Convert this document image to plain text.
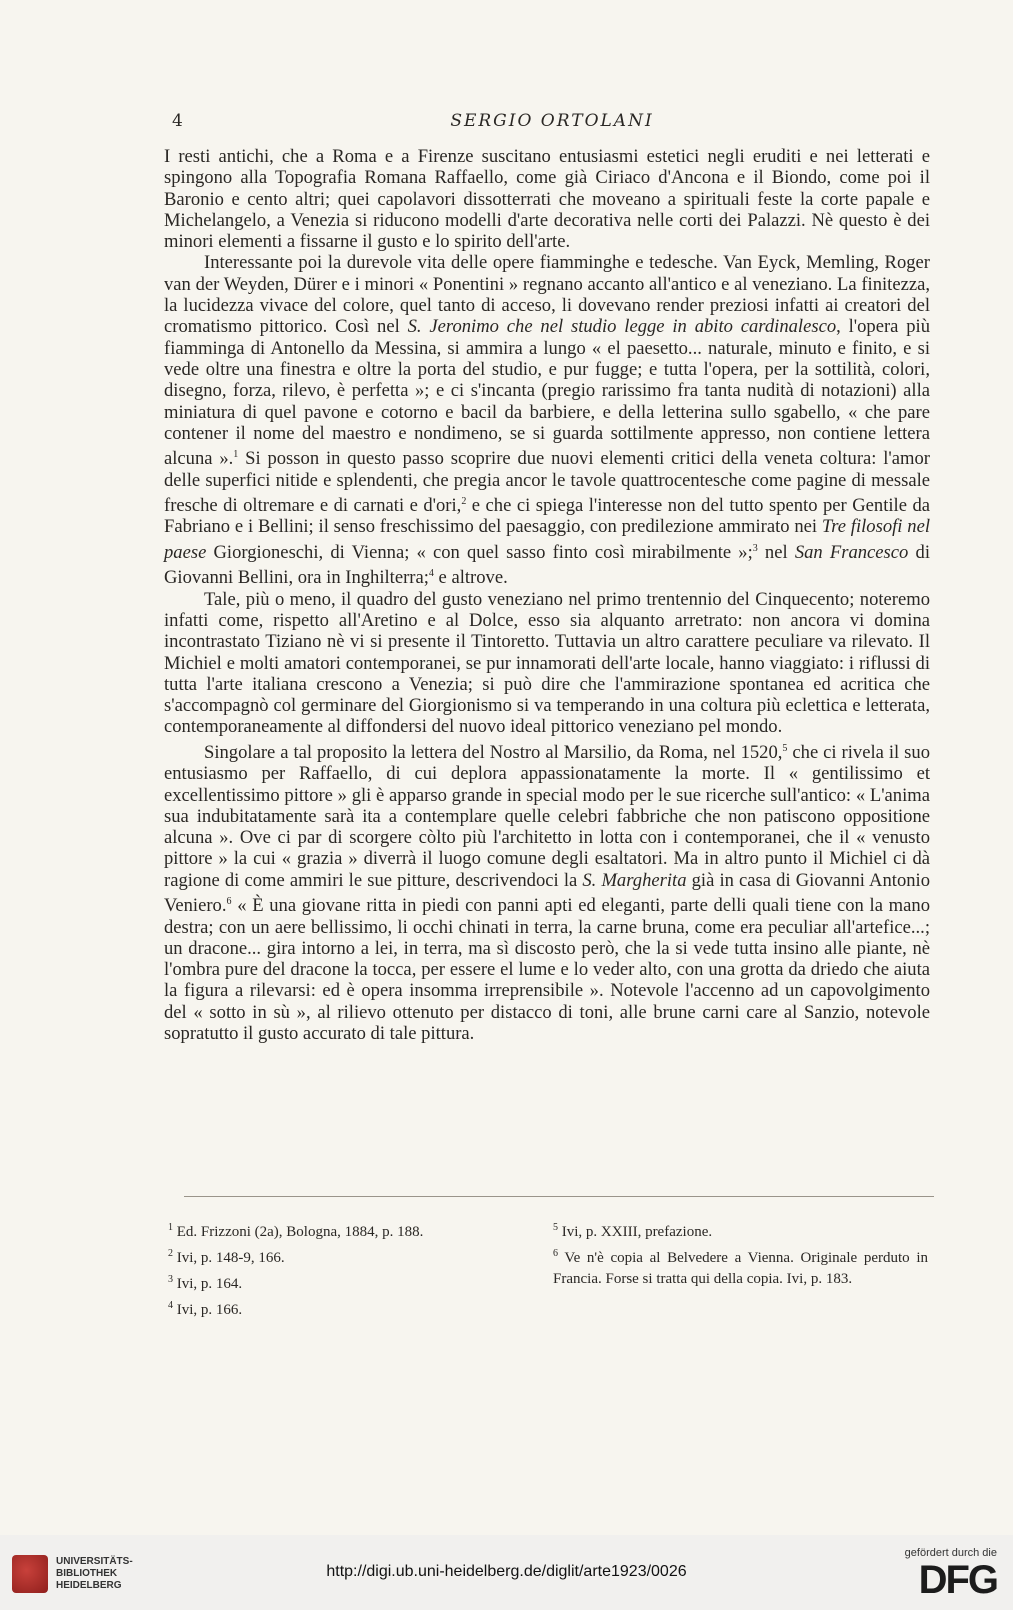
4	SERGIO ORTOLANI

I resti antichi, che a Roma e a Firenze suscitano entusiasmi estetici negli eruditi e nei letterati e spingono alla Topografia Romana Raffaello, come già Ciriaco d'Ancona e il Biondo, come poi il Baronio e cento altri; quei capolavori dissotterrati che moveano a spirituali feste la corte papale e Michelangelo, a Venezia si riducono modelli d'arte decorativa nelle corti dei Palazzi. Nè questo è dei minori elementi a fissarne il gusto e lo spirito dell'arte.

Interessante poi la durevole vita delle opere fiamminghe e tedesche. Van Eyck, Memling, Roger van der Weyden, Dürer e i minori « Ponentini » regnano accanto all'antico e al veneziano. La finitezza, la lucidezza vivace del colore, quel tanto di acceso, li dovevano render preziosi infatti ai creatori del cromatismo pittorico. Così nel S. Jeronimo che nel studio legge in abito cardinalesco, l'opera più fiamminga di Antonello da Messina, si ammira a lungo « el paesetto... naturale, minuto e finito, e si vede oltre una finestra e oltre la porta del studio, e pur fugge; e tutta l'opera, per la sottilità, colori, disegno, forza, rilevo, è perfetta »; e ci s'incanta (pregio rarissimo fra tanta nudità di notazioni) alla miniatura di quel pavone e cotorno e bacil da barbiere, e della letterina sullo sgabello, « che pare contener il nome del maestro e nondimeno, se si guarda sottilmente appresso, non contiene lettera alcuna ».$^1$ Si posson in questo passo scoprire due nuovi elementi critici della veneta coltura: l'amor delle superfici nitide e splendenti, che pregia ancor le tavole quattrocentesche come pagine di messale fresche di oltremare e di carnati e d'ori,$^2$ e che ci spiega l'interesse non del tutto spento per Gentile da Fabriano e i Bellini; il senso freschissimo del paesaggio, con predilezione ammirato nei Tre filosofi nel paese Giorgioneschi, di Vienna; « con quel sasso finto così mirabilmente »;$^3$ nel San Francesco di Giovanni Bellini, ora in Inghilterra;$^4$ e altrove.

Tale, più o meno, il quadro del gusto veneziano nel primo trentennio del Cinquecento; noteremo infatti come, rispetto all'Aretino e al Dolce, esso sia alquanto arretrato: non ancora vi domina incontrastato Tiziano nè vi si presente il Tintoretto. Tuttavia un altro carattere peculiare va rilevato. Il Michiel e molti amatori contemporanei, se pur innamorati dell'arte locale, hanno viaggiato: i riflussi di tutta l'arte italiana crescono a Venezia; si può dire che l'ammirazione spontanea ed acritica che s'accompagnò col germinare del Giorgionismo si va temperando in una coltura più eclettica e letterata, contemporaneamente al diffondersi del nuovo ideal pittorico veneziano pel mondo.

Singolare a tal proposito la lettera del Nostro al Marsilio, da Roma, nel 1520,$^5$ che ci rivela il suo entusiasmo per Raffaello, di cui deplora appassionatamente la morte. Il « gentilissimo et excellentissimo pittore » gli è apparso grande in special modo per le sue ricerche sull'antico: « L'anima sua indubitatamente sarà ita a contemplare quelle celebri fabbriche che non patiscono oppositione alcuna ». Ove ci par di scorgere còlto più l'architetto in lotta con i contemporanei, che il « venusto pittore » la cui « grazia » diverrà il luogo comune degli esaltatori. Ma in altro punto il Michiel ci dà ragione di come ammiri le sue pitture, descrivendoci la S. Margherita già in casa di Giovanni Antonio Veniero.$^6$ « È una giovane ritta in piedi con panni apti ed eleganti, parte delli quali tiene con la mano destra; con un aere bellissimo, li occhi chinati in terra, la carne bruna, come era peculiar all'artefice...; un dracone... gira intorno a lei, in terra, ma sì discosto però, che la si vede tutta insino alle piante, nè l'ombra pure del dracone la tocca, per essere el lume e lo veder alto, con una grotta da driedo che aiuta la figura a rilevarsi: ed è opera insomma irreprensibile ». Notevole l'accenno ad un capovolgimento del « sotto in sù », al rilievo ottenuto per distacco di toni, alle brune carni care al Sanzio, notevole sopratutto il gusto accurato di tale pittura.

$^1$ Ed. Frizzoni (2a), Bologna, 1884, p. 188.

$^2$ Ivi, p. 148-9, 166.

$^3$ Ivi, p. 164.

$^4$ Ivi, p. 166.

$^5$ Ivi, p. XXIII, prefazione.

$^6$ Ve n'è copia al Belvedere a Vienna. Originale perduto in Francia. Forse si tratta qui della copia. Ivi, p. 183.

UNIVERSITÄTS-
BIBLIOTHEK
HEIDELBERG
http://digi.ub.uni-heidelberg.de/diglit/arte1923/0026
gefördert durch die
DFG
